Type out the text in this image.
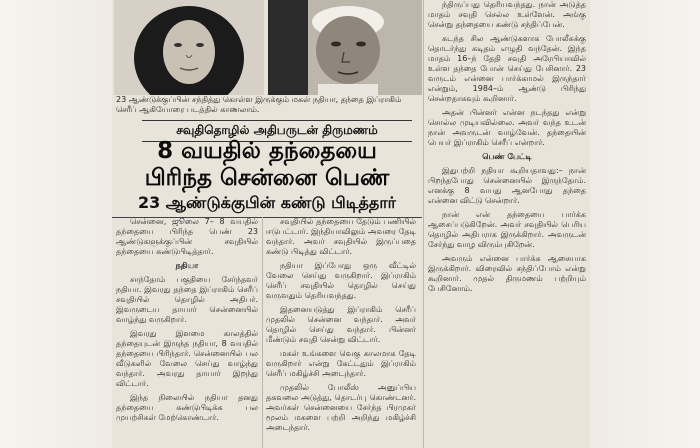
23 ஆண்டுக்குப்பின் சந்தித்து கொள்ள இருக்கும் மகள் நதியா, தந்தை இப்ராகிம் செரீப் ஆகியோரை படத்தில் காணலாம்.
சவுதிதொழில் அதிபருடன் திருமணம்
8 வயதில் தந்தையை
பிரிந்த சென்னை பெண்
23 ஆண்டுக்குபின் கண்டு பிடித்தார்

சென்னை, ஜூலை 7– 8 வயதில் தந்தையை பிரிந்த பெண் 23 ஆண்டுகளுக்குப்பின் சவுதியில் தந்தையை கண்டுபிடித்தார்.

நதியா

சாந்தோம் பகுதியை சேர்ந்தவர் நதியா. இவரது தந்தை இப்ராகிம் செரீப் சவுதியில் தொழில் அதிபர். இவருடைய தாயார் சென்னையில் வாழ்ந்து வருகிறார்.

இவரது இளமை காலத்தில் தந்தையுடன் இருந்த நதியா, 8 வயதில் தந்தையை பிரிந்தார். சென்னையில் பல வீடுகளில் வேலை செய்து வாழ்ந்து வந்தார். அவரது தாயார் இறந்து விட்டார்.

இந்த நிலையில் நதியா தனது தந்தையை கண்டுபிடிக்க பல முயற்சிகள் மேற்கொண்டார்.

சவுதியில் தந்தையை தேடும் பணியில் ஈடுபட்டார். இந்தியாவிலும் அவரை தேடி வந்தார். அவர் சவுதியில் இருப்பதை கண்டு பிடித்து விட்டார்.

நதியா இப்போது ஒரு வீட்டில் வேலை செய்து வருகிறார். இப்ராகிம் செரீப் சவுதியில் தொழில் செய்து வருவதும் தெரியவந்தது.

இதனையடுத்து இப்ராகிம் செரீப் முதலில் சென்னை வந்தார். அவர் தொழில் செய்து வந்தார். பின்னர் மீண்டும் சவுதி சென்று விட்டார்.

மகள் உங்களை வெகு காலமாக தேடி வருகிறார் என்று கேட்டதும் இப்ராகிம் செரீப் மகிழ்ச்சி அடைந்தார்.

முதலில் போலீஸ் அனுப்பிய தகவலை அடுத்து, தொடர்பு கொண்டனர். அவர்கள் சென்னையை சேர்ந்த பிரமுகர் மூலம் மகளை பற்றி அறிந்து மகிழ்ச்சி அடைந்தார்.

ந்திருப்பது தெரியவந்தது. நான் அடுத்த மாதம் சவுதி செல்ல உள்ளேன். அங்கு சென்று தந்தையை கண்டு சந்திப்பேன்.

கடந்த சில ஆண்டுகளாக போலீசுக்கு தொடர்ந்து கடிதம் எழுதி வந்தேன். இந்த மாதம் 16–ந் தேதி சவுதி அரேபியாவில் உள்ள தந்தை போன் செய்து பேசினார். 23 வருடம் என்னை பார்க்காமல் இருந்தார் என்றும், 1984–ம் ஆண்டு பிரிந்து சென்றதாகவும் கூறினார்.

அதன் பின்னர் என்ன நடந்தது என்று சொல்ல முடியவில்லை. அவர் வந்த உடன் நான் அவருடன் வாழ்வேன். தந்தையின் பெயர் இப்ராகிம் செரீப் என்றார்.

பெண் பேட்டி

இதுபற்றி நதியா கூறியதாவது:– நான் பிறந்தபோது சென்னையில் இருந்தோம். எனக்கு 8 வயது ஆனபோது தந்தை என்னை விட்டு சென்றார்.

நான் என் தந்தையை பார்க்க ஆசைப்படுகிறேன். அவர் சவுதியில் பெரிய தொழில் அதிபராக இருக்கிறார். அவருடன் சேர்ந்து வாழ விரும்புகிறேன்.

அவரும் என்னை பார்க்க ஆசையாக இருக்கிறார். விரைவில் சந்திப்போம் என்று கூறினார். முதல் திருமணம் பற்றியும் பேசினோம்.
